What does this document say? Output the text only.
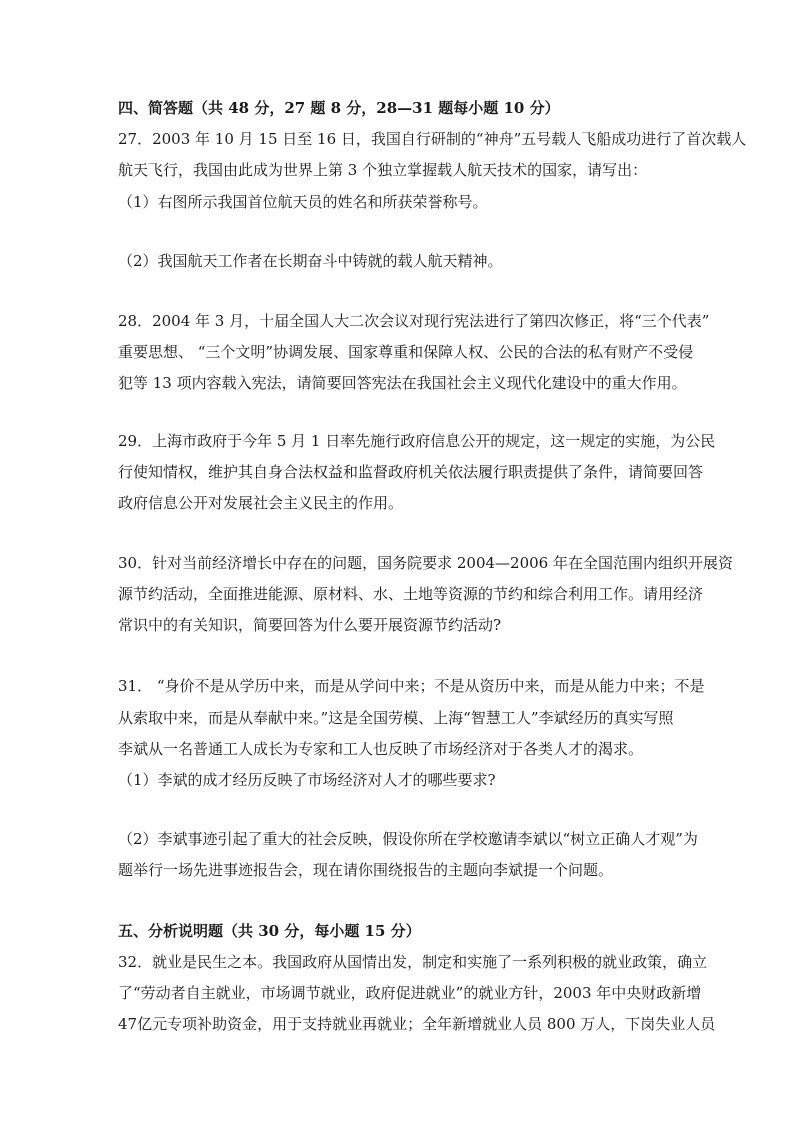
四、简答题（共 48 分，27 题 8 分，28—31 题每小题 10 分）
27．2003 年 10 月 15 日至 16 日，我国自行研制的“神舟”五号载人飞船成功进行了首次载人
航天飞行，我国由此成为世界上第 3 个独立掌握载人航天技术的国家，请写出：
（1）右图所示我国首位航天员的姓名和所获荣誉称号。
（2）我国航天工作者在长期奋斗中铸就的载人航天精神。
28．2004 年 3 月，十届全国人大二次会议对现行宪法进行了第四次修正，将“三个代表”
重要思想、 “三个文明”协调发展、国家尊重和保障人权、公民的合法的私有财产不受侵
犯等 13 项内容载入宪法，请简要回答宪法在我国社会主义现代化建设中的重大作用。
29．上海市政府于今年 5 月 1 日率先施行政府信息公开的规定，这一规定的实施，为公民
行使知情权，维护其自身合法权益和监督政府机关依法履行职责提供了条件，请简要回答
政府信息公开对发展社会主义民主的作用。
30．针对当前经济增长中存在的问题，国务院要求 2004—2006 年在全国范围内组织开展资
源节约活动，全面推进能源、原材料、水、土地等资源的节约和综合利用工作。请用经济
常识中的有关知识，简要回答为什么要开展资源节约活动?
31． “身价不是从学历中来，而是从学问中来；不是从资历中来，而是从能力中来；不是
从索取中来，而是从奉献中来。”这是全国劳模、上海“智慧工人”李斌经历的真实写照
李斌从一名普通工人成长为专家和工人也反映了市场经济对于各类人才的渴求。
（1）李斌的成才经历反映了市场经济对人才的哪些要求?
（2）李斌事迹引起了重大的社会反映，假设你所在学校邀请李斌以“树立正确人才观”为
题举行一场先进事迹报告会，现在请你围绕报告的主题向李斌提一个问题。
五、分析说明题（共 30 分，每小题 15 分）
32．就业是民生之本。我国政府从国情出发，制定和实施了一系列积极的就业政策，确立
了“劳动者自主就业，市场调节就业，政府促进就业”的就业方针，2003 年中央财政新增
47亿元专项补助资金，用于支持就业再就业；全年新增就业人员 800 万人，下岗失业人员
